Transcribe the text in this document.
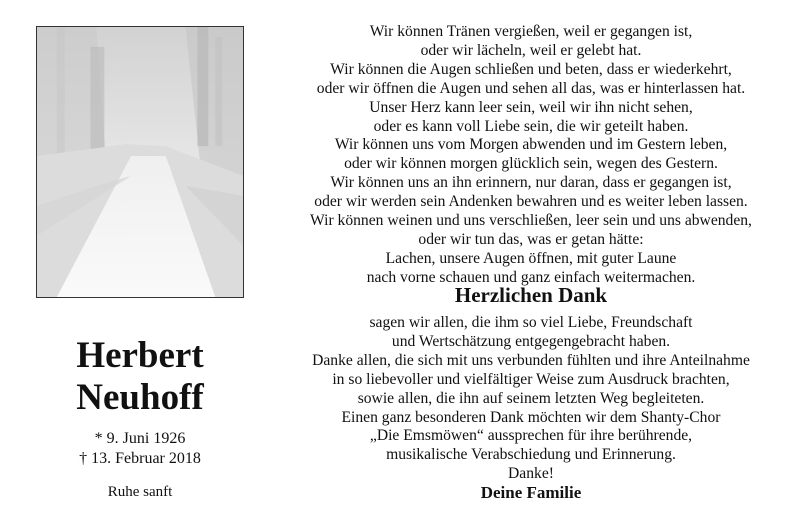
Herbert
Neuhoff
* 9. Juni 1926
† 13. Februar 2018
Ruhe sanft
Wir können Tränen vergießen, weil er gegangen ist,
oder wir lächeln, weil er gelebt hat.
Wir können die Augen schließen und beten, dass er wiederkehrt,
oder wir öffnen die Augen und sehen all das, was er hinterlassen hat.
Unser Herz kann leer sein, weil wir ihn nicht sehen,
oder es kann voll Liebe sein, die wir geteilt haben.
Wir können uns vom Morgen abwenden und im Gestern leben,
oder wir können morgen glücklich sein, wegen des Gestern.
Wir können uns an ihn erinnern, nur daran, dass er gegangen ist,
oder wir werden sein Andenken bewahren und es weiter leben lassen.
Wir können weinen und uns verschließen, leer sein und uns abwenden,
oder wir tun das, was er getan hätte:
Lachen, unsere Augen öffnen, mit guter Laune
nach vorne schauen und ganz einfach weitermachen.
Herzlichen Dank
sagen wir allen, die ihm so viel Liebe, Freundschaft
und Wertschätzung entgegengebracht haben.
Danke allen, die sich mit uns verbunden fühlten und ihre Anteilnahme
in so liebevoller und vielfältiger Weise zum Ausdruck brachten,
sowie allen, die ihn auf seinem letzten Weg begleiteten.
Einen ganz besonderen Dank möchten wir dem Shanty-Chor
„Die Emsmöwen“ aussprechen für ihre berührende,
musikalische Verabschiedung und Erinnerung.
Danke!
Deine Familie
